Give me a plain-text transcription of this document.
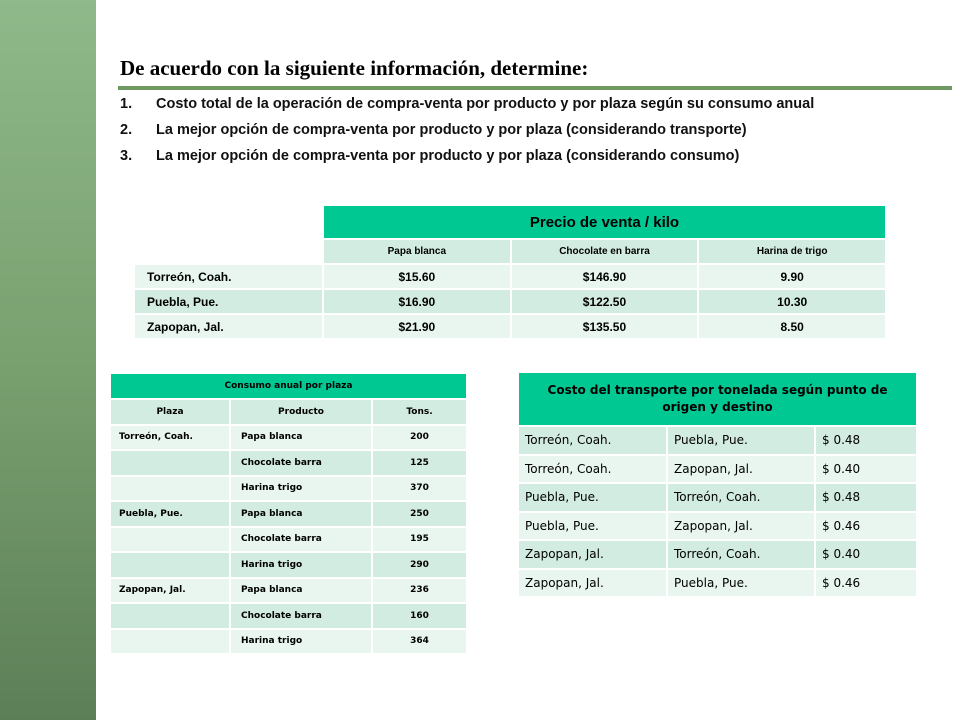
De acuerdo con la siguiente información, determine:
1.	Costo total de la operación de compra-venta por producto y por plaza según su consumo anual
2.	La mejor opción de compra-venta por producto y por plaza (considerando transporte)
3.	La mejor opción de compra-venta por producto y por plaza (considerando consumo)
	Precio de venta / kilo		
	Papa blanca	Chocolate en barra	Harina de trigo
Torreón, Coah.	$15.60	$146.90	9.90
Puebla, Pue.	$16.90	$122.50	10.30
Zapopan, Jal.	$21.90	$135.50	8.50
Consumo anual por plaza		
Plaza	Producto	Tons.
Torreón, Coah.	Papa blanca	200
	Chocolate barra	125
	Harina trigo	370
Puebla, Pue.	Papa blanca	250
	Chocolate barra	195
	Harina trigo	290
Zapopan, Jal.	Papa blanca	236
	Chocolate barra	160
	Harina trigo	364
Costo del transporte por tonelada según punto de origen y destino		
Torreón, Coah.	Puebla, Pue.	$ 0.48
Torreón, Coah.	Zapopan, Jal.	$ 0.40
Puebla, Pue.	Torreón, Coah.	$ 0.48
Puebla, Pue.	Zapopan, Jal.	$ 0.46
Zapopan, Jal.	Torreón, Coah.	$ 0.40
Zapopan, Jal.	Puebla, Pue.	$ 0.46
